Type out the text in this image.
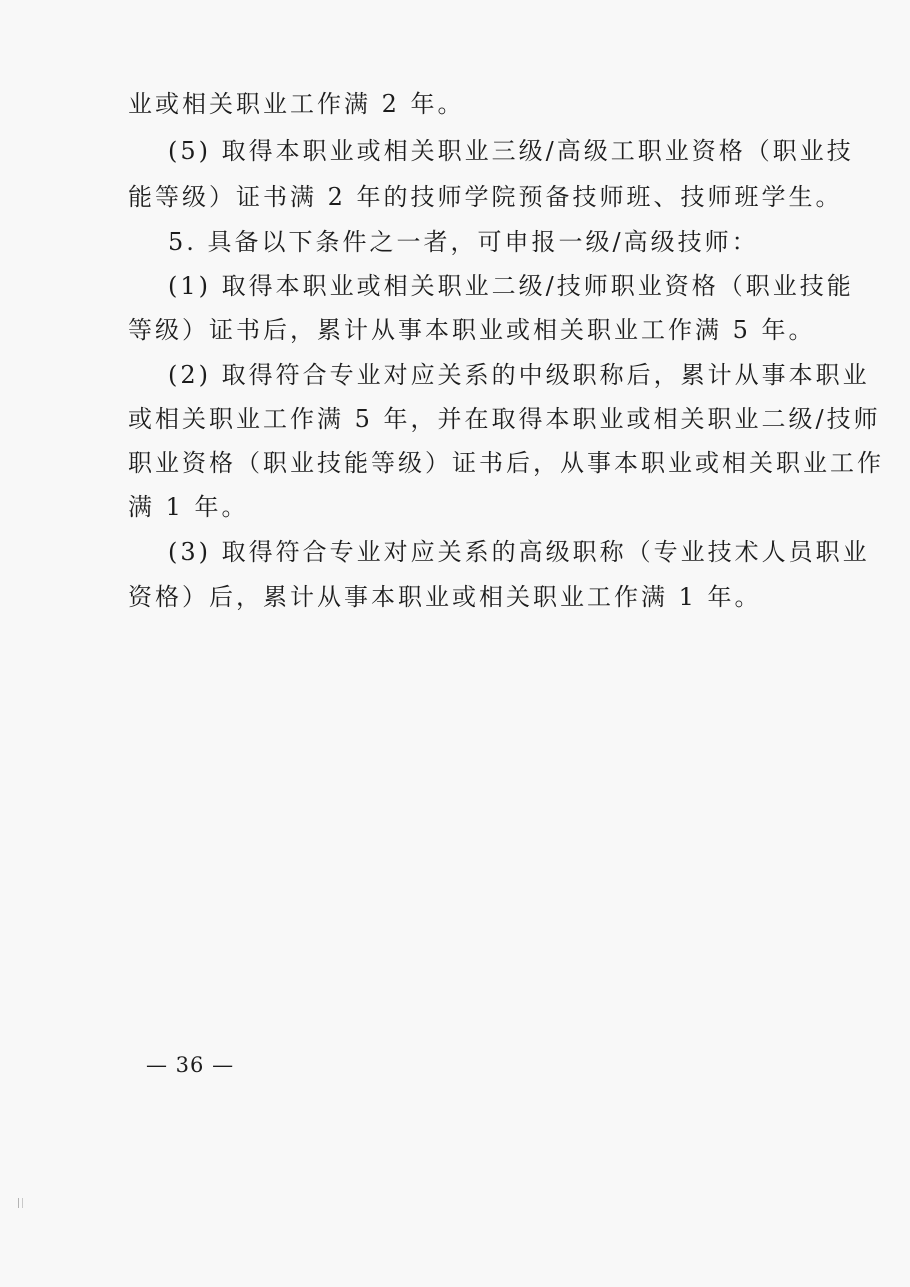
业或相关职业工作满 2 年。
(5) 取得本职业或相关职业三级/高级工职业资格（职业技
能等级）证书满 2 年的技师学院预备技师班、技师班学生。
5. 具备以下条件之一者，可申报一级/高级技师：
(1) 取得本职业或相关职业二级/技师职业资格（职业技能
等级）证书后，累计从事本职业或相关职业工作满 5 年。
(2) 取得符合专业对应关系的中级职称后，累计从事本职业
或相关职业工作满 5 年，并在取得本职业或相关职业二级/技师
职业资格（职业技能等级）证书后，从事本职业或相关职业工作
满 1 年。
(3) 取得符合专业对应关系的高级职称（专业技术人员职业
资格）后，累计从事本职业或相关职业工作满 1 年。
— 36 —
